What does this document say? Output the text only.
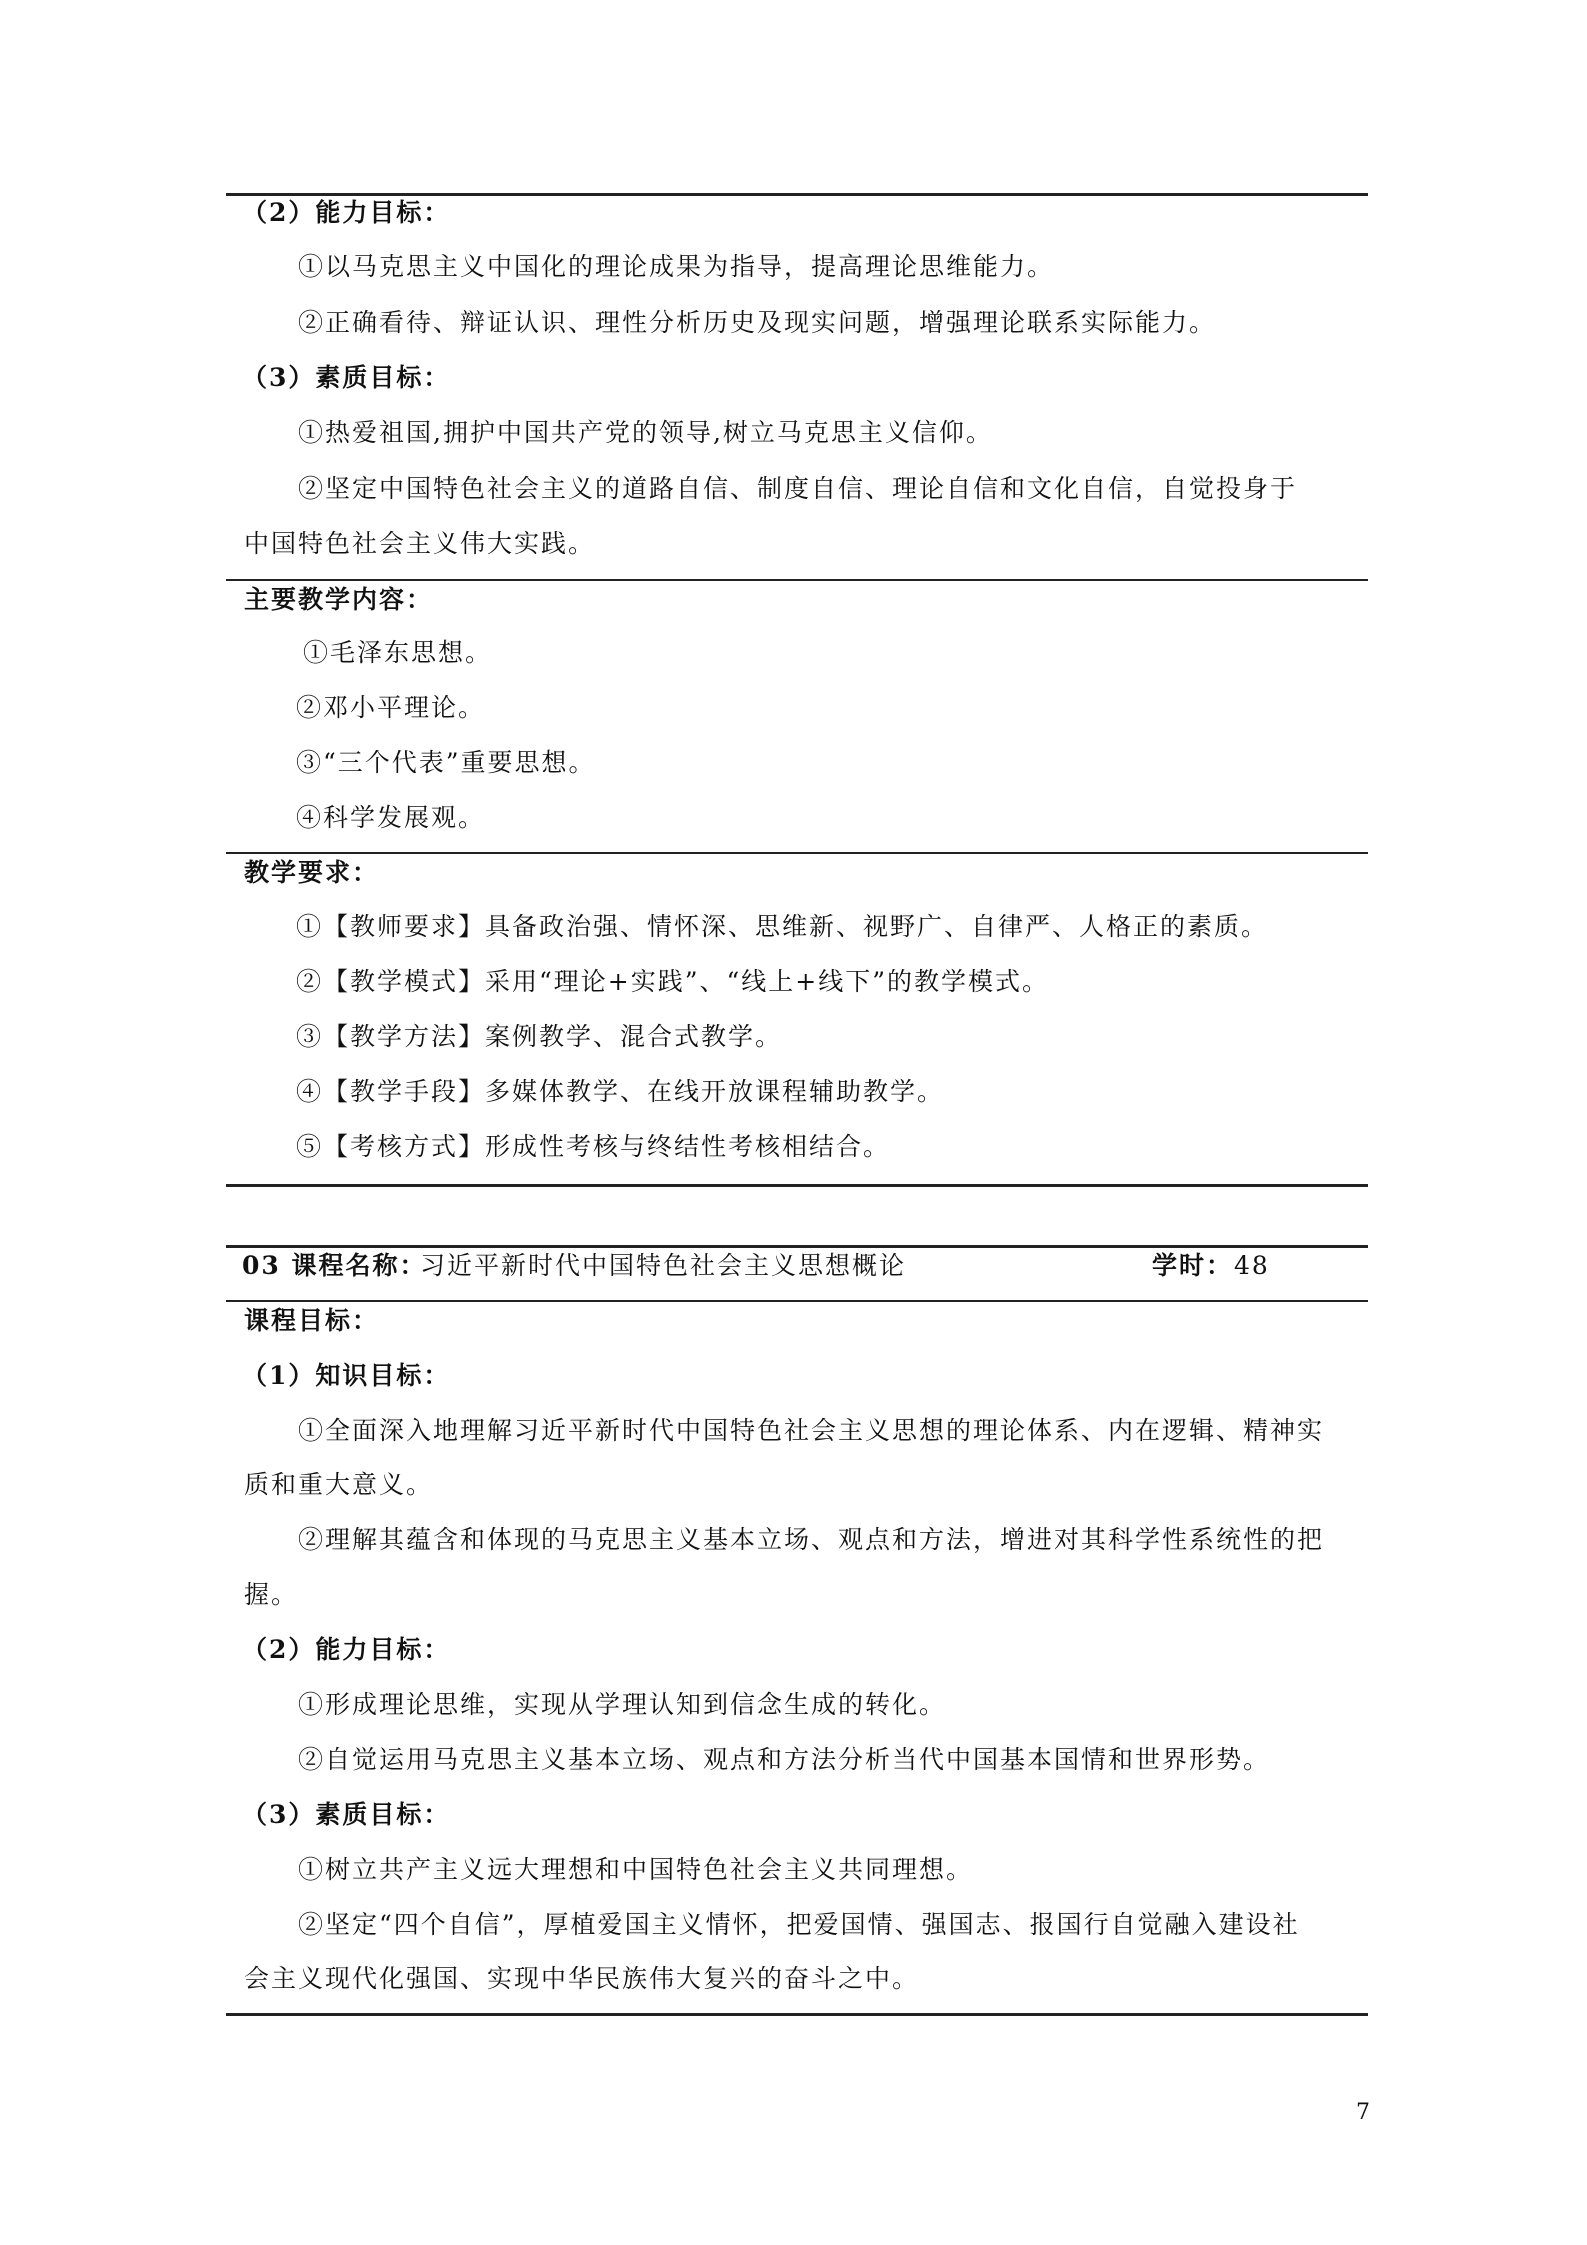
（2）能力目标：
①以马克思主义中国化的理论成果为指导，提高理论思维能力。
②正确看待、辩证认识、理性分析历史及现实问题，增强理论联系实际能力。
（3）素质目标：
①热爱祖国,拥护中国共产党的领导,树立马克思主义信仰。
②坚定中国特色社会主义的道路自信、制度自信、理论自信和文化自信，自觉投身于
中国特色社会主义伟大实践。
主要教学内容：
①毛泽东思想。
②邓小平理论。
③“三个代表”重要思想。
④科学发展观。
教学要求：
①【教师要求】具备政治强、情怀深、思维新、视野广、自律严、人格正的素质。
②【教学模式】采用“理论+实践”、“线上+线下”的教学模式。
③【教学方法】案例教学、混合式教学。
④【教学手段】多媒体教学、在线开放课程辅助教学。
⑤【考核方式】形成性考核与终结性考核相结合。
03 课程名称：
习近平新时代中国特色社会主义思想概论	学时： 48
课程目标：
（1）知识目标：
①全面深入地理解习近平新时代中国特色社会主义思想的理论体系、内在逻辑、精神实
质和重大意义。
②理解其蕴含和体现的马克思主义基本立场、观点和方法，增进对其科学性系统性的把
握。
（2）能力目标：
①形成理论思维，实现从学理认知到信念生成的转化。
②自觉运用马克思主义基本立场、观点和方法分析当代中国基本国情和世界形势。
（3）素质目标：
①树立共产主义远大理想和中国特色社会主义共同理想。
②坚定“四个自信”，厚植爱国主义情怀，把爱国情、强国志、报国行自觉融入建设社
会主义现代化强国、实现中华民族伟大复兴的奋斗之中。
7
